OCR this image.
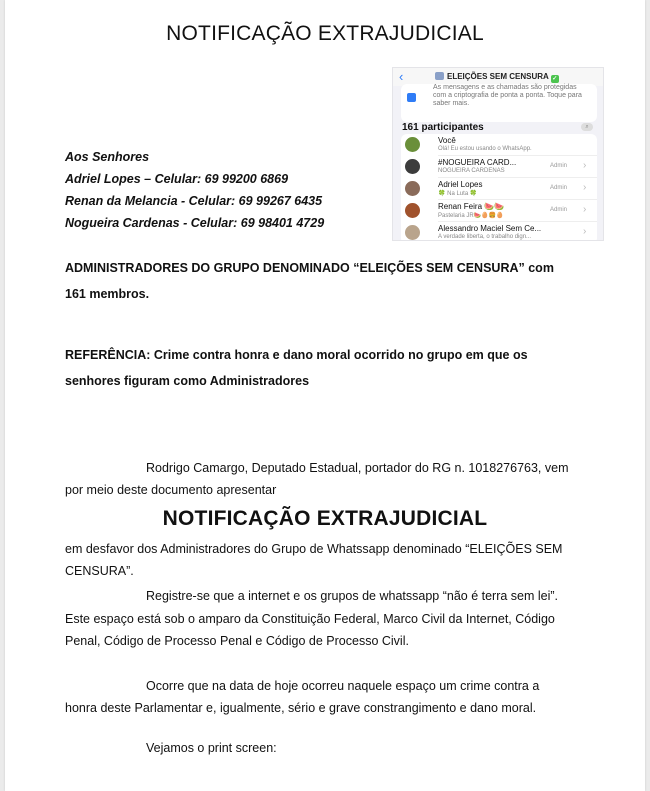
NOTIFICAÇÃO EXTRAJUDICIAL
‹	ELEIÇÕES SEM CENSURA ✓
As mensagens e as chamadas são protegidas com a criptografia de ponta a ponta. Toque para saber mais.
161 participantes	⌕
Você
Olá! Eu estou usando o WhatsApp.
#NOGUEIRA CARD...
NOGUEIRA CARDENAS
Admin ›
Adriel Lopes
🍀 Na Luta 🍀
Admin ›
Renan Feira 🍉🍉
Pastelaria JR🍉🥚🍔🥚
Admin ›
Alessandro Maciel Sem Ce...
A verdade liberta, o trabalho dign...	›
Aos Senhores
Adriel Lopes – Celular: 69 99200 6869
Renan da Melancia - Celular: 69 99267 6435
Nogueira Cardenas - Celular: 69 98401 4729
ADMINISTRADORES DO GRUPO DENOMINADO “ELEIÇÕES SEM CENSURA” com
161 membros.
REFERÊNCIA: Crime contra honra e dano moral ocorrido no grupo em que os
senhores figuram como Administradores
Rodrigo Camargo, Deputado Estadual, portador do RG n. 1018276763, vem
por meio deste documento apresentar
NOTIFICAÇÃO EXTRAJUDICIAL
em desfavor dos Administradores do Grupo de Whatssapp denominado “ELEIÇÕES SEM
CENSURA”.
Registre-se que a internet e os grupos de whatssapp “não é terra sem lei”.
Este espaço está sob o amparo da Constituição Federal, Marco Civil da Internet, Código
Penal, Código de Processo Penal e Código de Processo Civil.
Ocorre que na data de hoje ocorreu naquele espaço um crime contra a
honra deste Parlamentar e, igualmente, sério e grave constrangimento e dano moral.
Vejamos o print screen:
